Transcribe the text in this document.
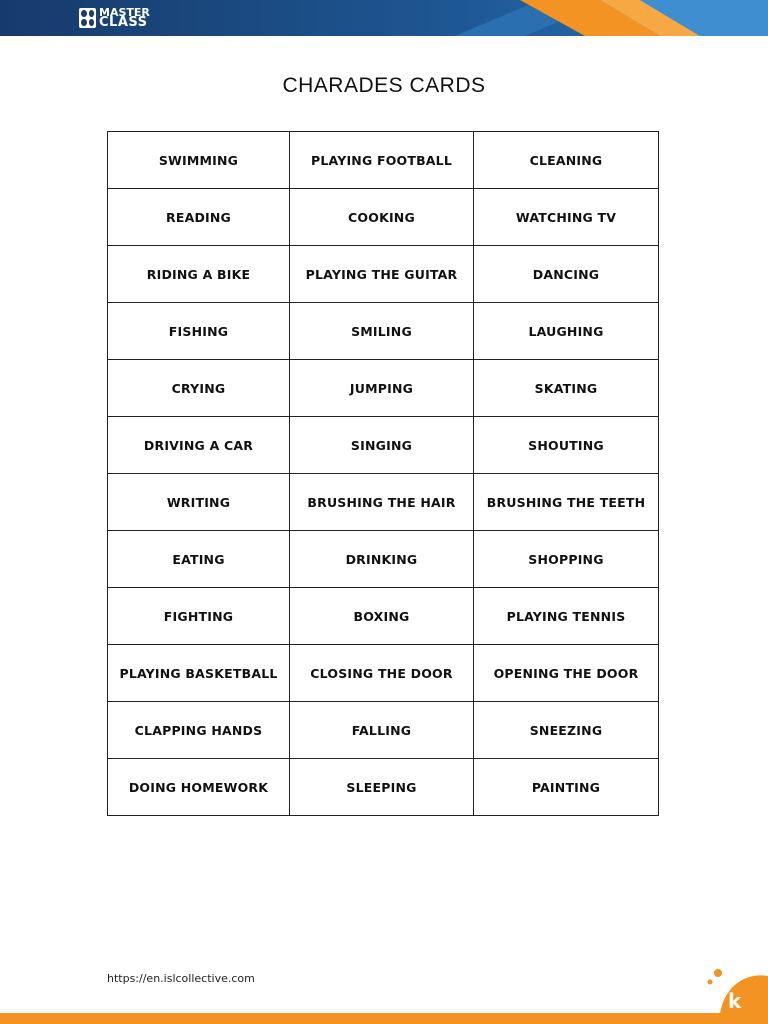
MASTER
CLASS
CHARADES CARDS
SWIMMING	PLAYING FOOTBALL	CLEANING
READING	COOKING	WATCHING TV
RIDING A BIKE	PLAYING THE GUITAR	DANCING
FISHING	SMILING	LAUGHING
CRYING	JUMPING	SKATING
DRIVING A CAR	SINGING	SHOUTING
WRITING	BRUSHING THE HAIR	BRUSHING THE TEETH
EATING	DRINKING	SHOPPING
FIGHTING	BOXING	PLAYING TENNIS
PLAYING BASKETBALL	CLOSING THE DOOR	OPENING THE DOOR
CLAPPING HANDS	FALLING	SNEEZING
DOING HOMEWORK	SLEEPING	PAINTING
https://en.islcollective.com
k
